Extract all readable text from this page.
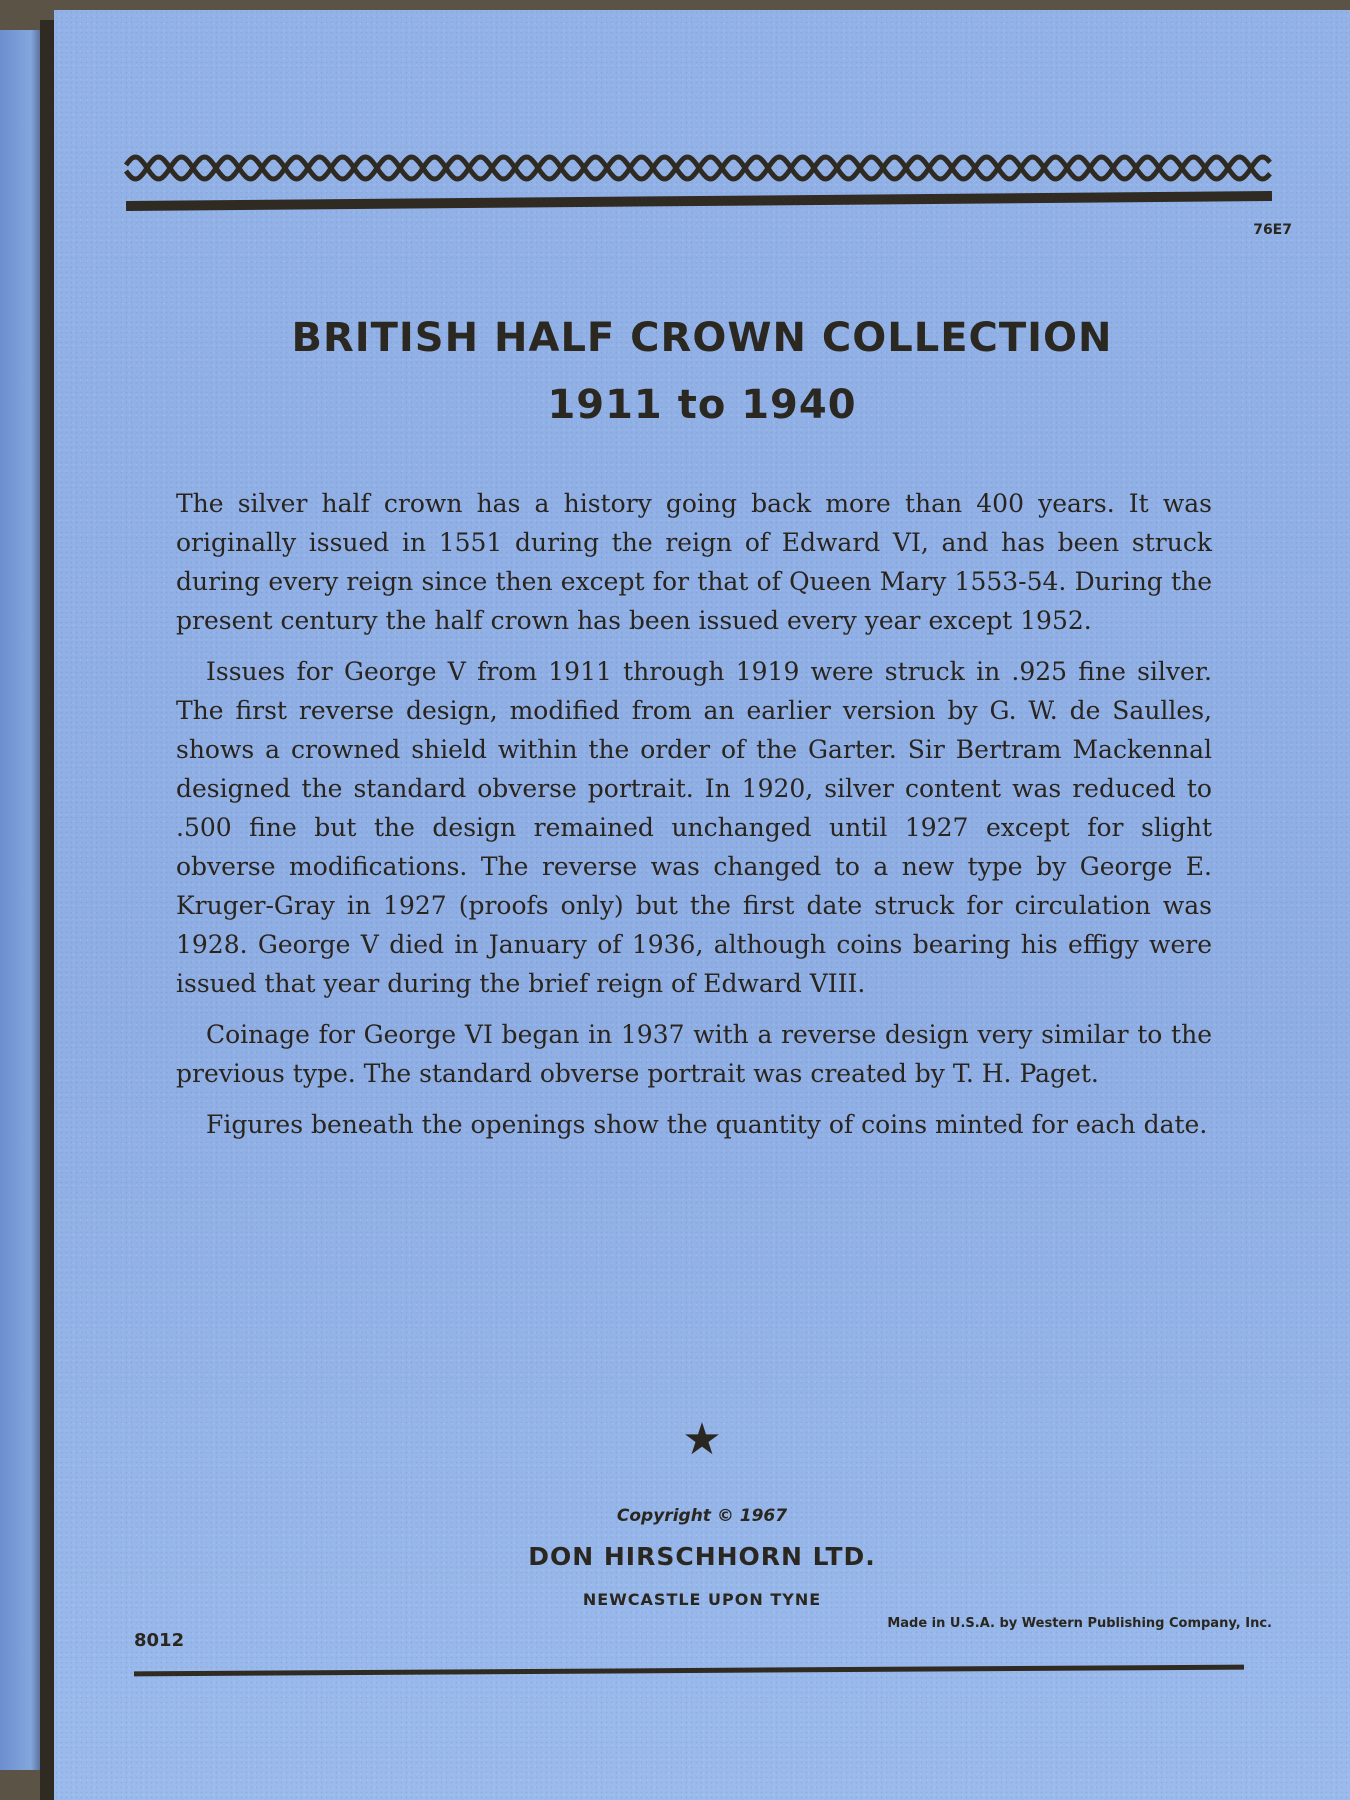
76E7
BRITISH HALF CROWN COLLECTION
1911 to 1940

The silver half crown has a history going back more than 400 years. It was originally issued in 1551 during the reign of Edward VI, and has been struck during every reign since then except for that of Queen Mary 1553-54. During the present century the half crown has been issued every year except 1952.

Issues for George V from 1911 through 1919 were struck in .925 fine silver. The first reverse design, modified from an earlier version by G. W. de Saulles, shows a crowned shield within the order of the Garter. Sir Bertram Mackennal designed the standard obverse portrait. In 1920, silver content was reduced to .500 fine but the design remained unchanged until 1927 except for slight obverse modifications. The reverse was changed to a new type by George E. Kruger-Gray in 1927 (proofs only) but the first date struck for circulation was 1928. George V died in January of 1936, although coins bearing his effigy were issued that year during the brief reign of Edward VIII.

Coinage for George VI began in 1937 with a reverse design very similar to the previous type. The standard obverse portrait was created by T. H. Paget.

Figures beneath the openings show the quantity of coins minted for each date.

★
Copyright © 1967
DON HIRSCHHORN LTD.
NEWCASTLE UPON TYNE
8012
Made in U.S.A. by Western Publishing Company, Inc.
